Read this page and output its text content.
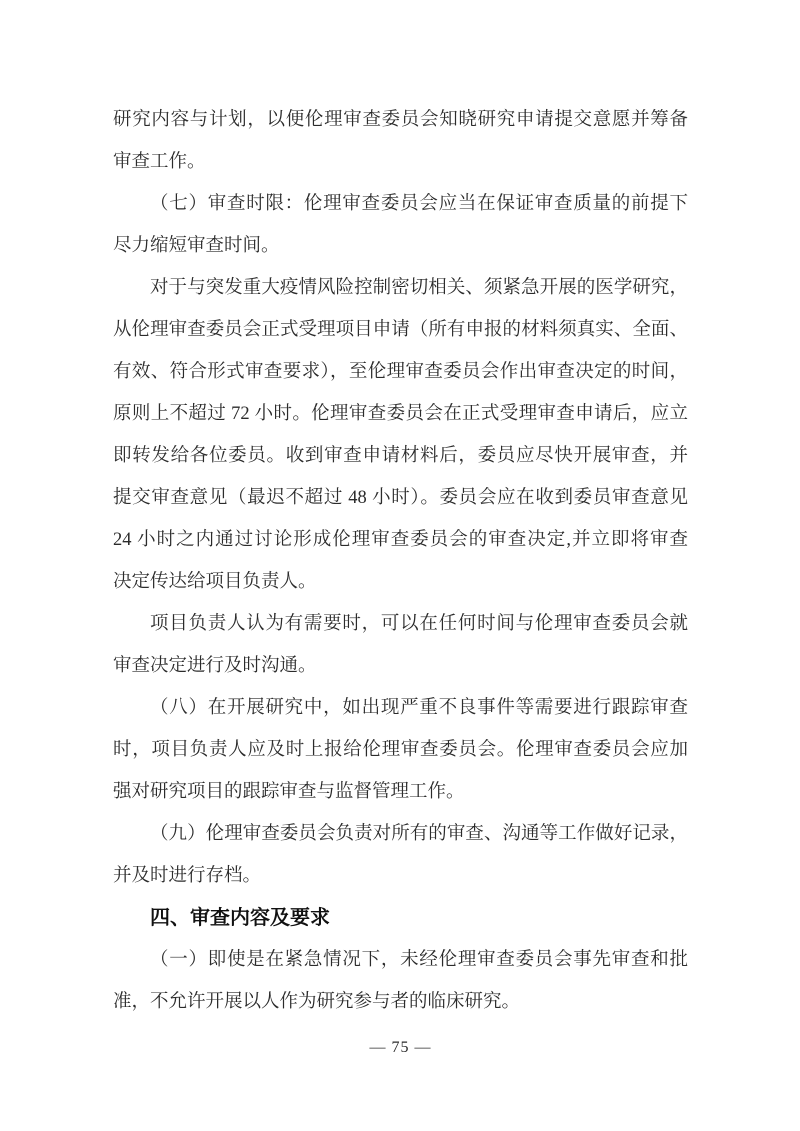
研究内容与计划，以便伦理审查委员会知晓研究申请提交意愿并筹备
审查工作。
（七）审查时限：伦理审查委员会应当在保证审查质量的前提下
尽力缩短审查时间。
对于与突发重大疫情风险控制密切相关、须紧急开展的医学研究，
从伦理审查委员会正式受理项目申请（所有申报的材料须真实、全面、
有效、符合形式审查要求），至伦理审查委员会作出审查决定的时间，
原则上不超过 72 小时。伦理审查委员会在正式受理审查申请后，应立
即转发给各位委员。收到审查申请材料后，委员应尽快开展审查，并
提交审查意见（最迟不超过 48 小时）。委员会应在收到委员审查意见
24 小时之内通过讨论形成伦理审查委员会的审查决定,并立即将审查
决定传达给项目负责人。
项目负责人认为有需要时，可以在任何时间与伦理审查委员会就
审查决定进行及时沟通。
（八）在开展研究中，如出现严重不良事件等需要进行跟踪审查
时，项目负责人应及时上报给伦理审查委员会。伦理审查委员会应加
强对研究项目的跟踪审查与监督管理工作。
（九）伦理审查委员会负责对所有的审查、沟通等工作做好记录，
并及时进行存档。
四、审查内容及要求
（一）即使是在紧急情况下，未经伦理审查委员会事先审查和批
准，不允许开展以人作为研究参与者的临床研究。
— 75 —
